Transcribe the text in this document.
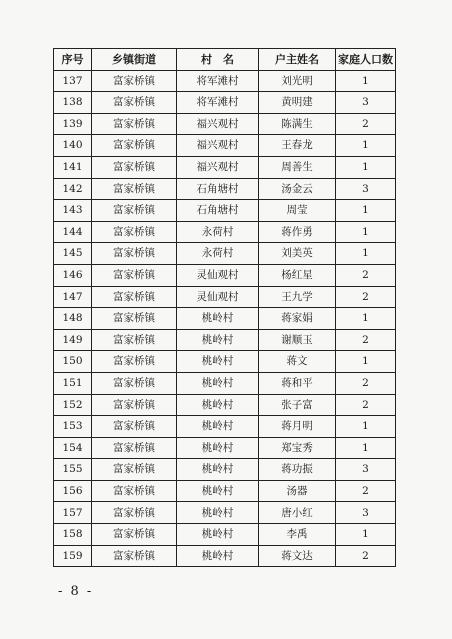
序号	乡镇街道	村　名	户主姓名	家庭人口数
137	富家桥镇	将军滩村	刘光明	1
138	富家桥镇	将军滩村	黄明建	3
139	富家桥镇	福兴观村	陈满生	2
140	富家桥镇	福兴观村	王春龙	1
141	富家桥镇	福兴观村	周善生	1
142	富家桥镇	石角塘村	汤金云	3
143	富家桥镇	石角塘村	周莹	1
144	富家桥镇	永荷村	蒋作勇	1
145	富家桥镇	永荷村	刘美英	1
146	富家桥镇	灵仙观村	杨红星	2
147	富家桥镇	灵仙观村	王九学	2
148	富家桥镇	桃岭村	蒋家娟	1
149	富家桥镇	桃岭村	谢顺玉	2
150	富家桥镇	桃岭村	蒋文	1
151	富家桥镇	桃岭村	蒋和平	2
152	富家桥镇	桃岭村	张子富	2
153	富家桥镇	桃岭村	蒋月明	1
154	富家桥镇	桃岭村	郑宝秀	1
155	富家桥镇	桃岭村	蒋功振	3
156	富家桥镇	桃岭村	汤器	2
157	富家桥镇	桃岭村	唐小红	3
158	富家桥镇	桃岭村	李禹	1
159	富家桥镇	桃岭村	蒋文达	2
- 8 -
